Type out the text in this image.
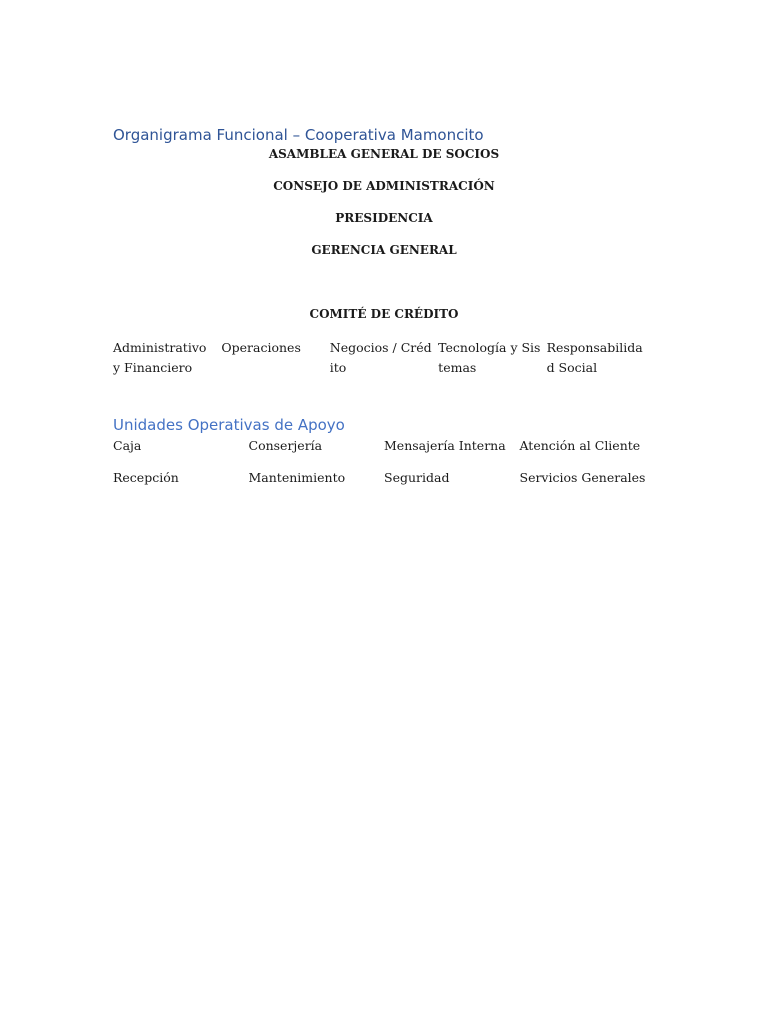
Organigrama Funcional – Cooperativa Mamoncito

ASAMBLEA GENERAL DE SOCIOS

CONSEJO DE ADMINISTRACIÓN

PRESIDENCIA

GERENCIA GENERAL

COMITÉ DE CRÉDITO

Administrativo y Financiero
Operaciones	Negocios / Crédito
Tecnología y Sistemas
Responsabilidad Social
Unidades Operativas de Apoyo
Caja	Conserjería	Mensajería Interna	Atención al Cliente
Recepción	Mantenimiento	Seguridad	Servicios Generales
